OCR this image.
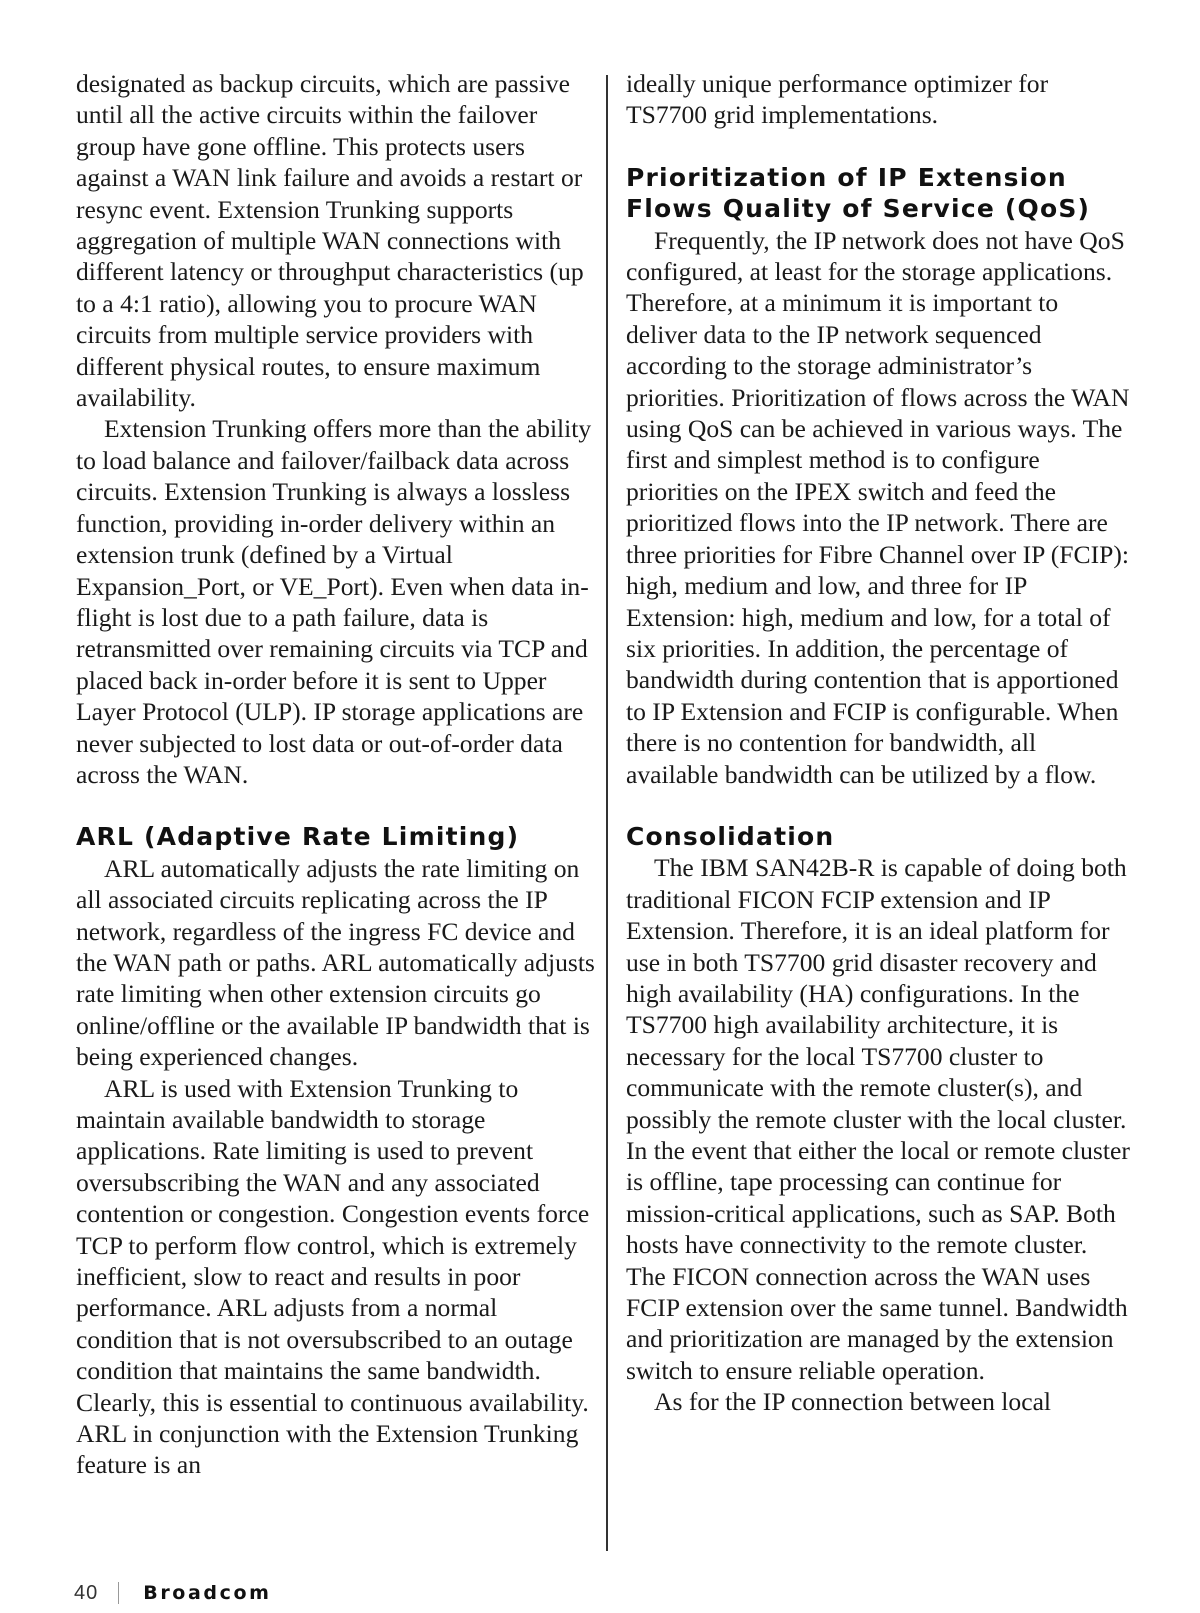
designated as backup circuits, which are passive until all the active circuits within the failover group have gone offline. This protects users against a WAN link failure and avoids a restart or resync event. Extension Trunking supports aggregation of multiple WAN connections with different latency or throughput characteristics (up to a 4:1 ratio), allowing you to procure WAN circuits from multiple service providers with different physical routes, to ensure maximum availability.

Extension Trunking offers more than the ability to load balance and failover/failback data across circuits. Extension Trunking is always a lossless function, providing in-order delivery within an extension trunk (defined by a Virtual Expansion_Port, or VE_Port). Even when data in-flight is lost due to a path failure, data is retransmitted over remaining circuits via TCP and placed back in-order before it is sent to Upper Layer Protocol (ULP). IP storage applications are never subjected to lost data or out-of-order data across the WAN.

ARL (Adaptive Rate Limiting)

ARL automatically adjusts the rate limiting on all associated circuits replicating across the IP network, regardless of the ingress FC device and the WAN path or paths. ARL automatically adjusts rate limiting when other extension circuits go online/offline or the available IP bandwidth that is being experienced changes.

ARL is used with Extension Trunking to maintain available bandwidth to storage applications. Rate limiting is used to prevent oversubscribing the WAN and any associated contention or congestion. Congestion events force TCP to perform flow control, which is extremely inefficient, slow to react and results in poor performance. ARL adjusts from a normal condition that is not oversubscribed to an outage condition that maintains the same bandwidth. Clearly, this is essential to continuous availability. ARL in conjunction with the Extension Trunking feature is an

ideally unique performance optimizer for TS7700 grid implementations.

Prioritization of IP Extension Flows Quality of Service (QoS)

Frequently, the IP network does not have QoS configured, at least for the storage applications. Therefore, at a minimum it is important to deliver data to the IP network sequenced according to the storage administrator’s priorities. Prioritization of flows across the WAN using QoS can be achieved in various ways. The first and simplest method is to configure priorities on the IPEX switch and feed the prioritized flows into the IP network. There are three priorities for Fibre Channel over IP (FCIP): high, medium and low, and three for IP Extension: high, medium and low, for a total of six priorities. In addition, the percentage of bandwidth during contention that is apportioned to IP Extension and FCIP is configurable. When there is no contention for bandwidth, all available bandwidth can be utilized by a flow.

Consolidation

The IBM SAN42B-R is capable of doing both traditional FICON FCIP extension and IP Extension. Therefore, it is an ideal platform for use in both TS7700 grid disaster recovery and high availability (HA) configurations. In the TS7700 high availability architecture, it is necessary for the local TS7700 cluster to communicate with the remote cluster(s), and possibly the remote cluster with the local cluster. In the event that either the local or remote cluster is offline, tape processing can continue for mission-critical applications, such as SAP. Both hosts have connectivity to the remote cluster. The FICON connection across the WAN uses FCIP extension over the same tunnel. Bandwidth and prioritization are managed by the extension switch to ensure reliable operation.

As for the IP connection between local

40 Broadcom
